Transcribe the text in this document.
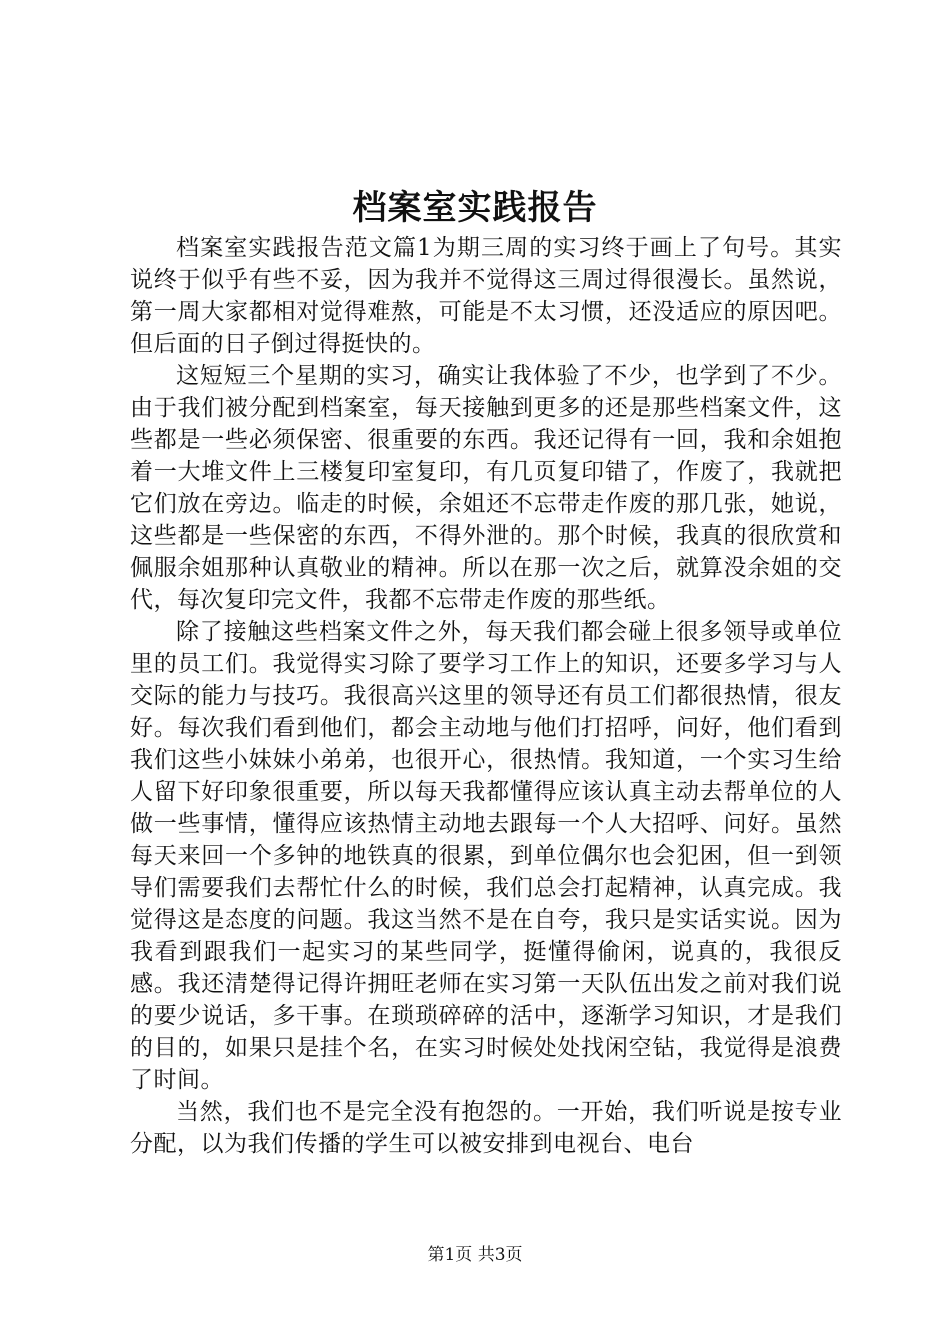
档案室实践报告

档案室实践报告范文篇1为期三周的实习终于画上了句号。其实说终于似乎有些不妥，因为我并不觉得这三周过得很漫长。虽然说，第一周大家都相对觉得难熬，可能是不太习惯，还没适应的原因吧。但后面的日子倒过得挺快的。

这短短三个星期的实习，确实让我体验了不少，也学到了不少。由于我们被分配到档案室，每天接触到更多的还是那些档案文件，这些都是一些必须保密、很重要的东西。我还记得有一回，我和余姐抱着一大堆文件上三楼复印室复印，有几页复印错了，作废了，我就把它们放在旁边。临走的时候，余姐还不忘带走作废的那几张，她说，这些都是一些保密的东西，不得外泄的。那个时候，我真的很欣赏和佩服余姐那种认真敬业的精神。所以在那一次之后，就算没余姐的交代，每次复印完文件，我都不忘带走作废的那些纸。

除了接触这些档案文件之外，每天我们都会碰上很多领导或单位里的员工们。我觉得实习除了要学习工作上的知识，还要多学习与人交际的能力与技巧。我很高兴这里的领导还有员工们都很热情，很友好。每次我们看到他们，都会主动地与他们打招呼，问好，他们看到我们这些小妹妹小弟弟，也很开心，很热情。我知道，一个实习生给人留下好印象很重要，所以每天我都懂得应该认真主动去帮单位的人做一些事情，懂得应该热情主动地去跟每一个人大招呼、问好。虽然每天来回一个多钟的地铁真的很累，到单位偶尔也会犯困，但一到领导们需要我们去帮忙什么的时候，我们总会打起精神，认真完成。我觉得这是态度的问题。我这当然不是在自夸，我只是实话实说。因为我看到跟我们一起实习的某些同学，挺懂得偷闲，说真的，我很反感。我还清楚得记得许拥旺老师在实习第一天队伍出发之前对我们说的要少说话，多干事。在琐琐碎碎的活中，逐渐学习知识，才是我们的目的，如果只是挂个名，在实习时候处处找闲空钻，我觉得是浪费了时间。

当然，我们也不是完全没有抱怨的。一开始，我们听说是按专业分配，以为我们传播的学生可以被安排到电视台、电台

第1页 共3页
